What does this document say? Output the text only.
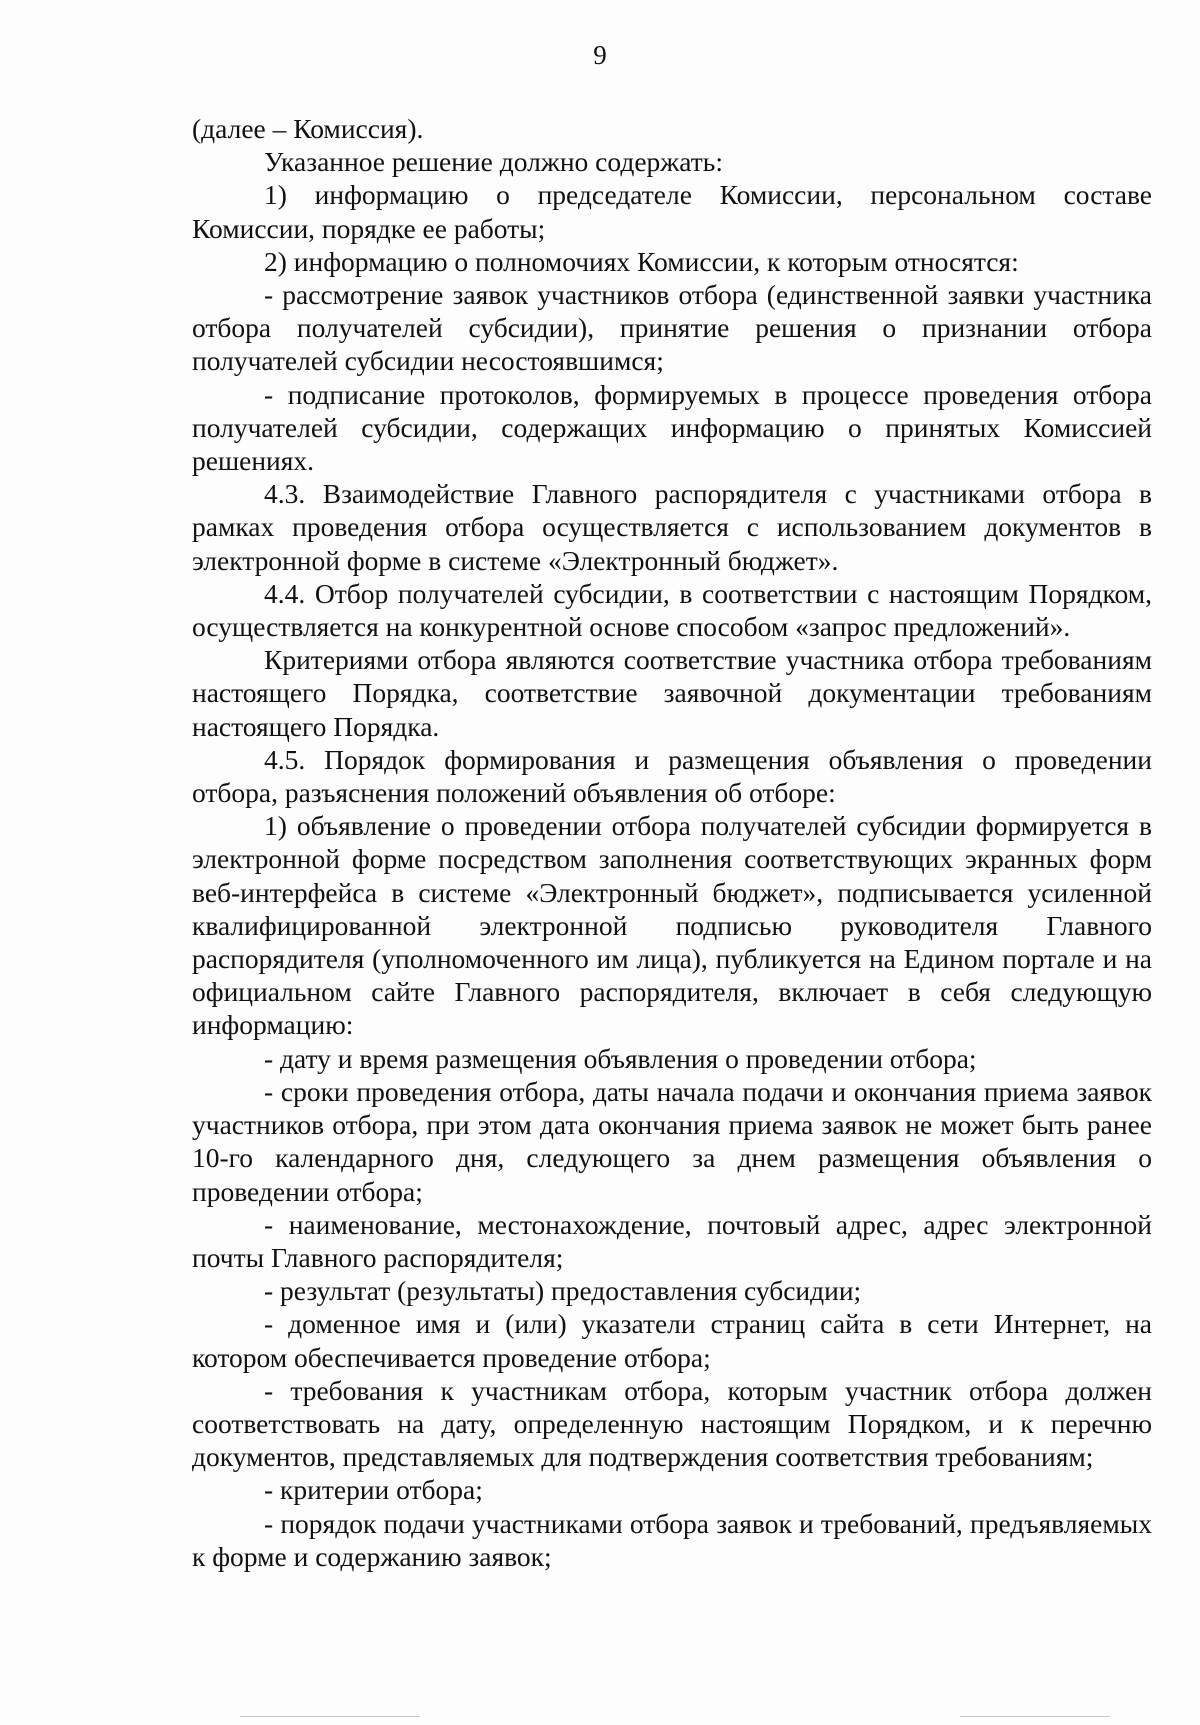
9

(далее – Комиссия).

Указанное решение должно содержать:

1) информацию о председателе Комиссии, персональном составе Комиссии, порядке ее работы;

2) информацию о полномочиях Комиссии, к которым относятся:

- рассмотрение заявок участников отбора (единственной заявки участника отбора получателей субсидии), принятие решения о признании отбора получателей субсидии несостоявшимся;

- подписание протоколов, формируемых в процессе проведения отбора получателей субсидии, содержащих информацию о принятых Комиссией решениях.

4.3. Взаимодействие Главного распорядителя с участниками отбора в рамках проведения отбора осуществляется с использованием документов в электронной форме в системе «Электронный бюджет».

4.4. Отбор получателей субсидии, в соответствии с настоящим Порядком, осуществляется на конкурентной основе способом «запрос предложений».

Критериями отбора являются соответствие участника отбора требованиям настоящего Порядка, соответствие заявочной документации требованиям настоящего Порядка.

4.5. Порядок формирования и размещения объявления о проведении отбора, разъяснения положений объявления об отборе:

1) объявление о проведении отбора получателей субсидии формируется в электронной форме посредством заполнения соответствующих экранных форм веб-интерфейса в системе «Электронный бюджет», подписывается усиленной квалифицированной электронной подписью руководителя Главного распорядителя (уполномоченного им лица), публикуется на Едином портале и на официальном сайте Главного распорядителя, включает в себя следующую информацию:

- дату и время размещения объявления о проведении отбора;

- сроки проведения отбора, даты начала подачи и окончания приема заявок участников отбора, при этом дата окончания приема заявок не может быть ранее 10-го календарного дня, следующего за днем размещения объявления о проведении отбора;

- наименование, местонахождение, почтовый адрес, адрес электронной почты Главного распорядителя;

- результат (результаты) предоставления субсидии;

- доменное имя и (или) указатели страниц сайта в сети Интернет, на котором обеспечивается проведение отбора;

- требования к участникам отбора, которым участник отбора должен соответствовать на дату, определенную настоящим Порядком, и к перечню документов, представляемых для подтверждения соответствия требованиям;

- критерии отбора;

- порядок подачи участниками отбора заявок и требований, предъявляемых к форме и содержанию заявок;
